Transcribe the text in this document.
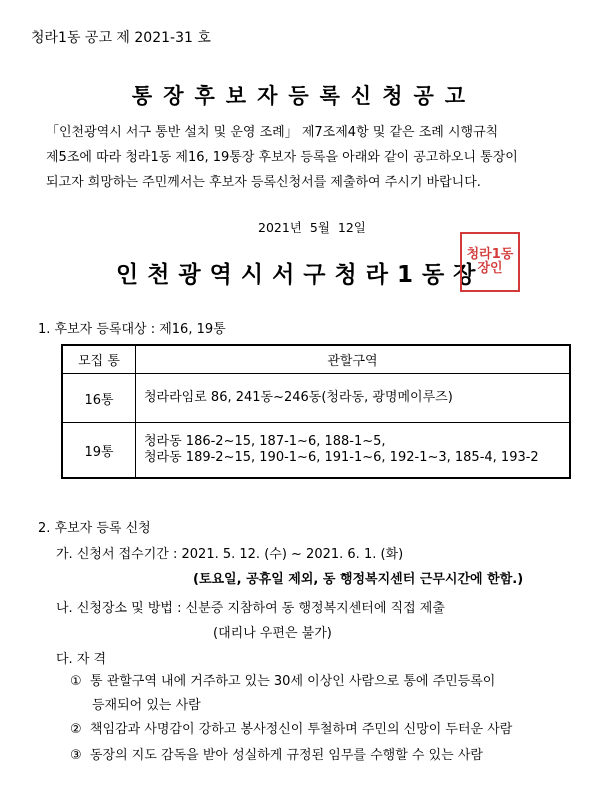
청라1동 공고 제 2021-31 호
통장후보자등록신청공고

「인천광역시 서구 통반 설치 및 운영 조례」 제7조제4항 및 같은 조례 시행규칙

제5조에 따라 청라1동 제16, 19통장 후보자 등록을 아래와 같이 공고하오니 통장이

되고자 희망하는 주민께서는 후보자 등록신청서를 제출하여 주시기 바랍니다.

2021년 5월 12일
인천광역시서구청라1동장
청라1동장인
1. 후보자 등록대상 : 제16, 19통
모집 통	관할구역
16통	청라라임로 86, 241동~246동(청라동, 광명메이루즈)

19통	청라동 186-2~15, 187-1~6, 188-1~5,
청라동 189-2~15, 190-1~6, 191-1~6, 192-1~3, 185-4, 193-2
2. 후보자 등록 신청
가. 신청서 접수기간 : 2021. 5. 12. (수) ~ 2021. 6. 1. (화)
(토요일, 공휴일 제외, 동 행정복지센터 근무시간에 한함.)
나. 신청장소 및 방법 : 신분증 지참하여 동 행정복지센터에 직접 제출
(대리나 우편은 불가)
다. 자 격
① 통 관할구역 내에 거주하고 있는 30세 이상인 사람으로 통에 주민등록이
등재되어 있는 사람
② 책임감과 사명감이 강하고 봉사정신이 투철하며 주민의 신망이 두터운 사람
③ 동장의 지도 감독을 받아 성실하게 규정된 임무를 수행할 수 있는 사람
